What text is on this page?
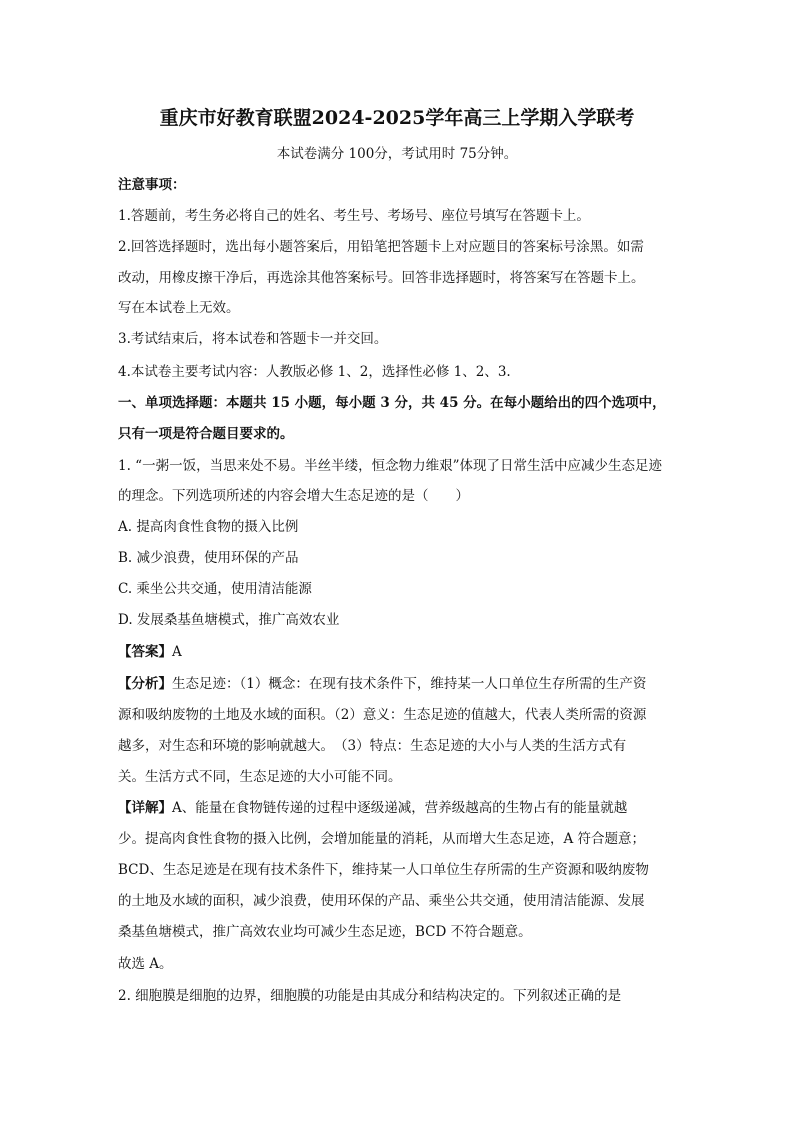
重庆市好教育联盟2024-2025学年高三上学期入学联考
本试卷满分 100分，考试用时 75分钟。
注意事项：
1.答题前，考生务必将自己的姓名、考生号、考场号、座位号填写在答题卡上。
2.回答选择题时，选出每小题答案后，用铅笔把答题卡上对应题目的答案标号涂黑。如需
改动，用橡皮擦干净后，再选涂其他答案标号。回答非选择题时，将答案写在答题卡上。
写在本试卷上无效。
3.考试结束后，将本试卷和答题卡一并交回。
4.本试卷主要考试内容：人教版必修 1、2，选择性必修 1、2、3.
一、单项选择题：本题共 15 小题，每小题 3 分，共 45 分。在每小题给出的四个选项中，
只有一项是符合题目要求的。
1. “一粥一饭，当思来处不易。半丝半缕，恒念物力维艰”体现了日常生活中应减少生态足迹
的理念。下列选项所述的内容会增大生态足迹的是（　　）
A. 提高肉食性食物的摄入比例
B. 减少浪费，使用环保的产品
C. 乘坐公共交通，使用清洁能源
D. 发展桑基鱼塘模式，推广高效农业
【答案】A
【分析】生态足迹：（1）概念：在现有技术条件下，维持某一人口单位生存所需的生产资
源和吸纳废物的土地及水域的面积。（2）意义：生态足迹的值越大，代表人类所需的资源
越多，对生态和环境的影响就越大。　（3）特点：生态足迹的大小与人类的生活方式有
关。生活方式不同，生态足迹的大小可能不同。
【详解】A、能量在食物链传递的过程中逐级递减，营养级越高的生物占有的能量就越
少。提高肉食性食物的摄入比例，会增加能量的消耗，从而增大生态足迹，A 符合题意；
BCD、生态足迹是在现有技术条件下，维持某一人口单位生存所需的生产资源和吸纳废物
的土地及水域的面积，减少浪费，使用环保的产品、乘坐公共交通，使用清洁能源、发展
桑基鱼塘模式，推广高效农业均可减少生态足迹，BCD 不符合题意。
故选 A。
2. 细胞膜是细胞的边界，细胞膜的功能是由其成分和结构决定的。下列叙述正确的是
